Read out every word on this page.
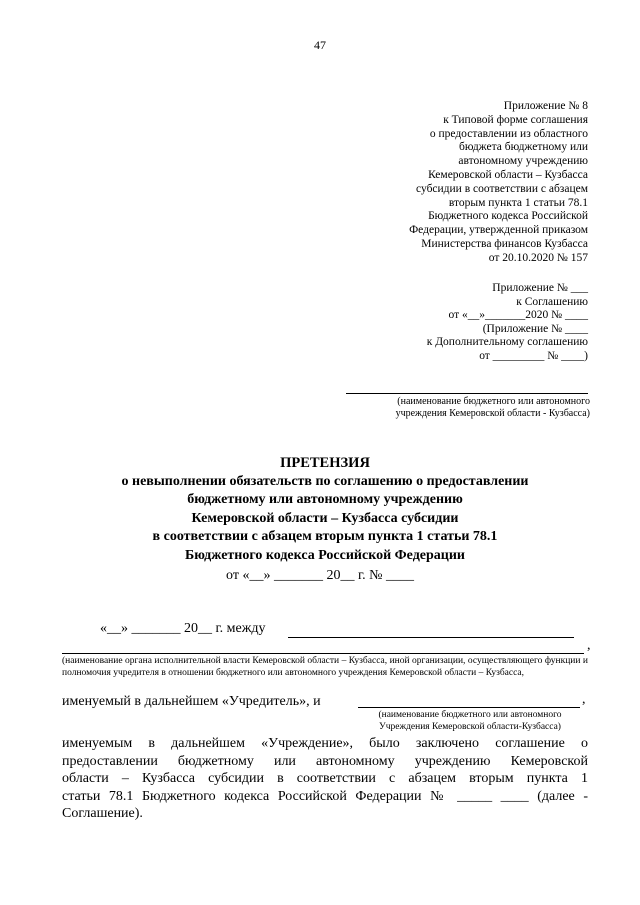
47
Приложение № 8
к Типовой форме соглашения
о предоставлении из областного
бюджета бюджетному или
автономному учреждению
Кемеровской области – Кузбасса
субсидии в соответствии с абзацем
вторым пункта 1 статьи 78.1
Бюджетного кодекса Российской
Федерации, утвержденной приказом
Министерства финансов Кузбасса
от 20.10.2020 № 157
Приложение № ___
к Соглашению
от «__»_______2020 № ____
(Приложение № ____
к Дополнительному соглашению
от _________ № ____)
(наименование бюджетного или автономного
учреждения Кемеровской области - Кузбасса)
ПРЕТЕНЗИЯ
о невыполнении обязательств по соглашению о предоставлении
бюджетному или автономному учреждению
Кемеровской области – Кузбасса субсидии
в соответствии с абзацем вторым пункта 1 статьи 78.1
Бюджетного кодекса Российской Федерации
от «__» _______ 20__ г. № ____
«__» _______ 20__ г. между
,
(наименование органа исполнительной власти Кемеровской области – Кузбасса, иной организации, осуществляющего функции и полномочия учредителя в отношении бюджетного или автономного учреждения Кемеровской области – Кузбасса,
именуемый в дальнейшем «Учредитель», и	,
(наименование бюджетного или автономного
Учреждения Кемеровской области-Кузбасса)
именуемым в дальнейшем «Учреждение», было заключено соглашение о
предоставлении бюджетному или автономному учреждению Кемеровской
области – Кузбасса субсидии в соответствии с абзацем вторым пункта 1
статьи 78.1 Бюджетного кодекса Российской Федерации № _____ ____ (далее -
Соглашение).
